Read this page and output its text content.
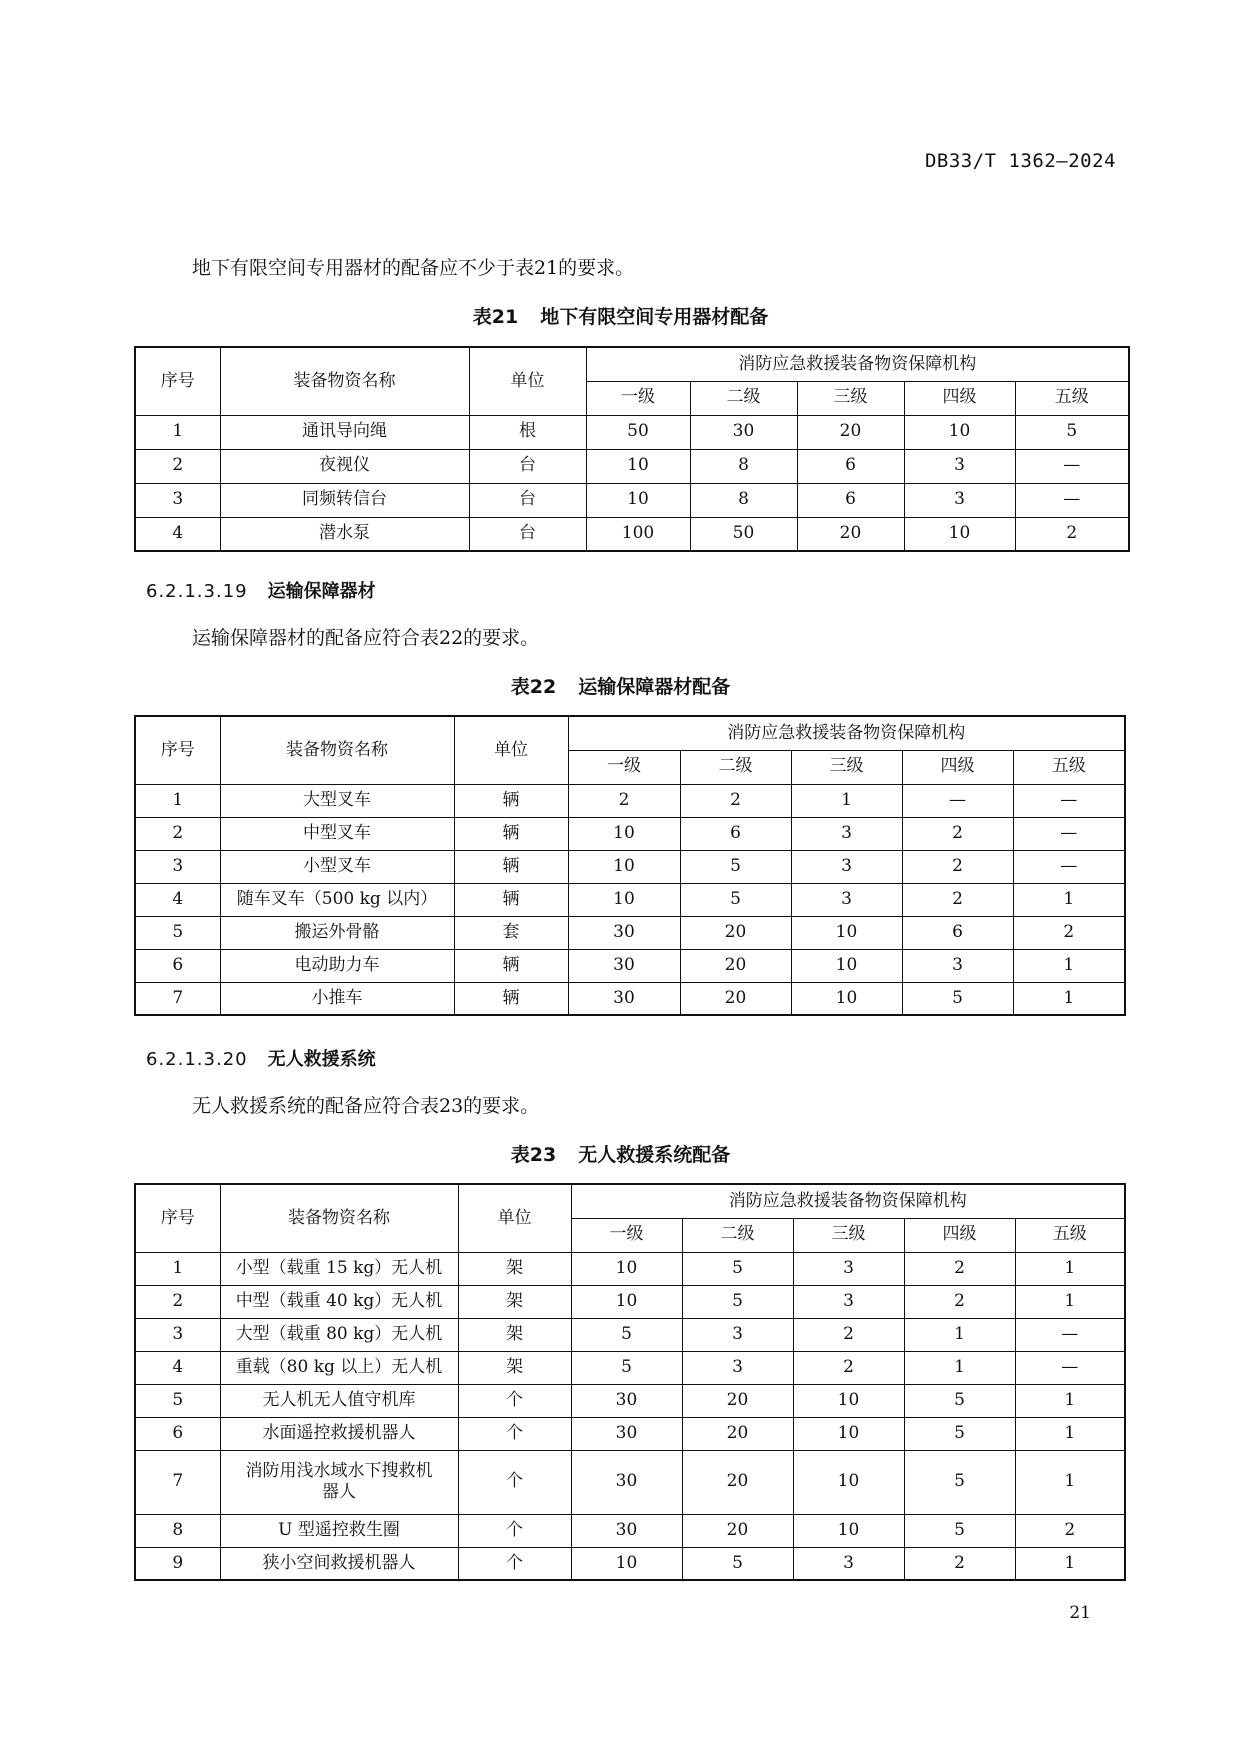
DB33/T 1362—2024

地下有限空间专用器材的配备应不少于表21的要求。

表21 地下有限空间专用器材配备

序号	装备物资名称	单位	消防应急救援装备物资保障机构				
			一级	二级	三级	四级	五级
1	通讯导向绳	根	50	30	20	10	5
2	夜视仪	台	10	8	6	3	—
3	同频转信台	台	10	8	6	3	—
4	潜水泵	台	100	50	20	10	2

6.2.1.3.19 运输保障器材

运输保障器材的配备应符合表22的要求。

表22 运输保障器材配备

序号	装备物资名称	单位	消防应急救援装备物资保障机构				
			一级	二级	三级	四级	五级
1	大型叉车	辆	2	2	1	—	—
2	中型叉车	辆	10	6	3	2	—
3	小型叉车	辆	10	5	3	2	—
4	随车叉车（500 kg 以内）	辆	10	5	3	2	1
5	搬运外骨骼	套	30	20	10	6	2
6	电动助力车	辆	30	20	10	3	1
7	小推车	辆	30	20	10	5	1

6.2.1.3.20 无人救援系统

无人救援系统的配备应符合表23的要求。

表23 无人救援系统配备

序号	装备物资名称	单位	消防应急救援装备物资保障机构				
			一级	二级	三级	四级	五级
1	小型（载重 15 kg）无人机	架	10	5	3	2	1
2	中型（载重 40 kg）无人机	架	10	5	3	2	1
3	大型（载重 80 kg）无人机	架	5	3	2	1	—
4	重载（80 kg 以上）无人机	架	5	3	2	1	—
5	无人机无人值守机库	个	30	20	10	5	1
6	水面遥控救援机器人	个	30	20	10	5	1
7	消防用浅水域水下搜救机器人	个	30	20	10	5	1
8	U 型遥控救生圈	个	30	20	10	5	2
9	狭小空间救援机器人	个	10	5	3	2	1
21
